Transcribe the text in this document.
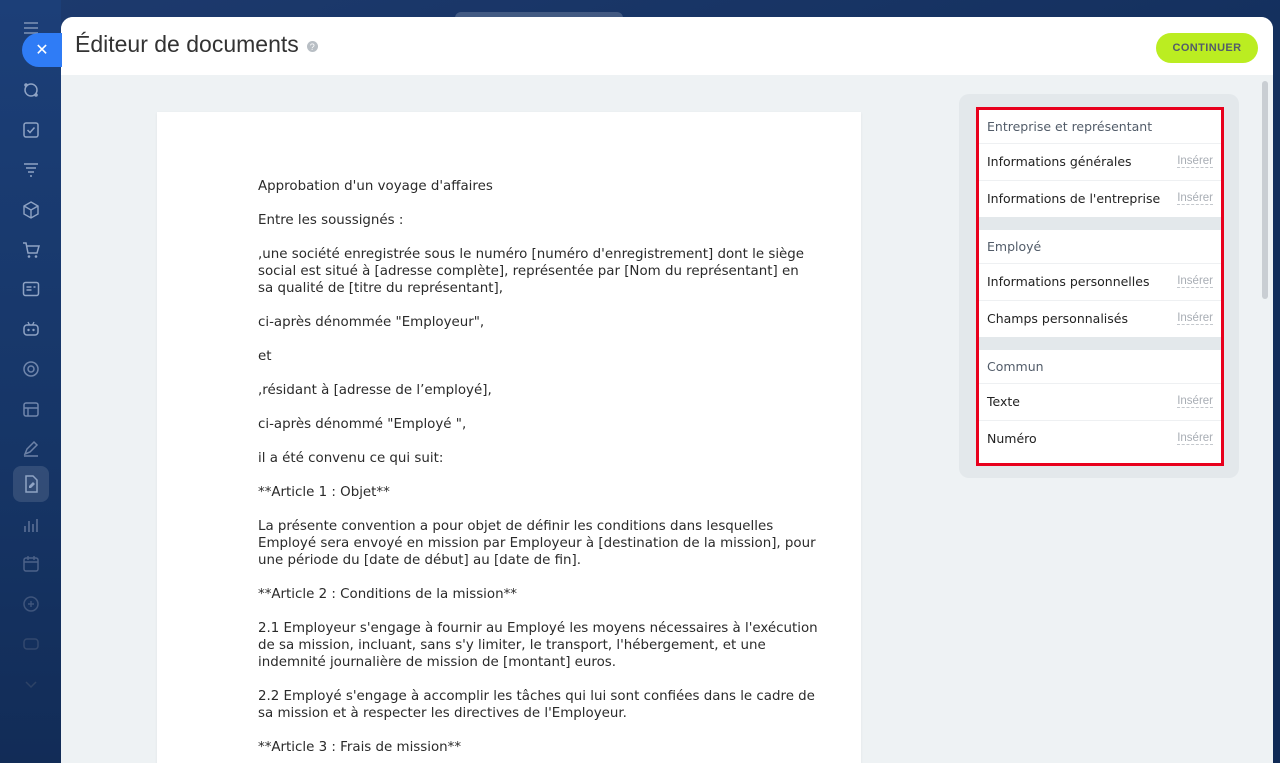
Éditeur de documents	?	CONTINUER

Approbation d'un voyage d'affaires

Entre les soussignés :

,une société enregistrée sous le numéro [numéro d'enregistrement] dont le siège social est situé à [adresse complète], représentée par [Nom du représentant] en sa qualité de [titre du représentant],

ci-après dénommée "Employeur",

et

,résidant à [adresse de l’employé],

ci-après dénommé "Employé ",

il a été convenu ce qui suit:

**Article 1 : Objet**

La présente convention a pour objet de définir les conditions dans lesquelles Employé sera envoyé en mission par Employeur à [destination de la mission], pour une période du [date de début] au [date de fin].

**Article 2 : Conditions de la mission**

2.1 Employeur s'engage à fournir au Employé les moyens nécessaires à l'exécution de sa mission, incluant, sans s'y limiter, le transport, l'hébergement, et une indemnité journalière de mission de [montant] euros.

2.2 Employé s'engage à accomplir les tâches qui lui sont confiées dans le cadre de sa mission et à respecter les directives de l'Employeur.

**Article 3 : Frais de mission**

Entreprise et représentant
Informations générales	Insérer
Informations de l'entreprise Insérer
Employé
Informations personnelles Insérer
Champs personnalisés	Insérer
Commun
Texte	Insérer
Numéro	Insérer
✕
